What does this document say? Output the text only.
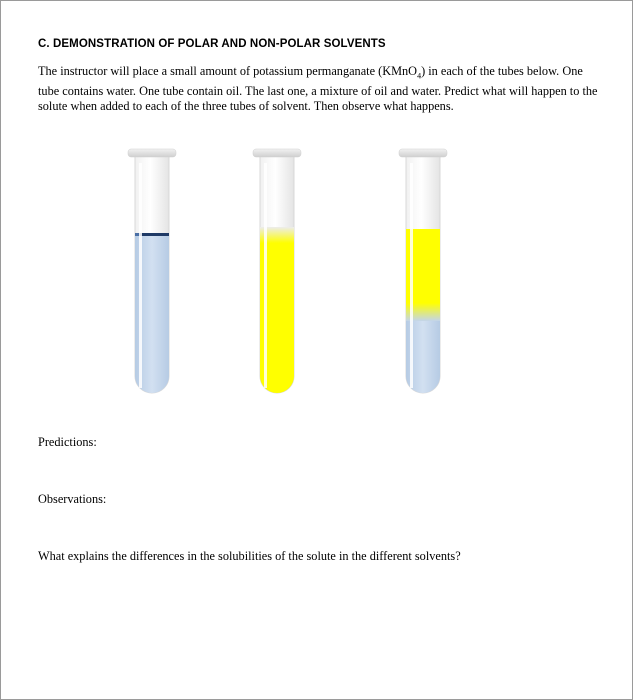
C. DEMONSTRATION OF POLAR AND NON-POLAR SOLVENTS

The instructor will place a small amount of potassium permanganate (KMnO$_4$) in each of the tubes below. One tube contains water. One tube contain oil. The last one, a mixture of oil and water. Predict what will happen to the solute when added to each of the three tubes of solvent. Then observe what happens.

Predictions:
Observations:
What explains the differences in the solubilities of the solute in the different solvents?
